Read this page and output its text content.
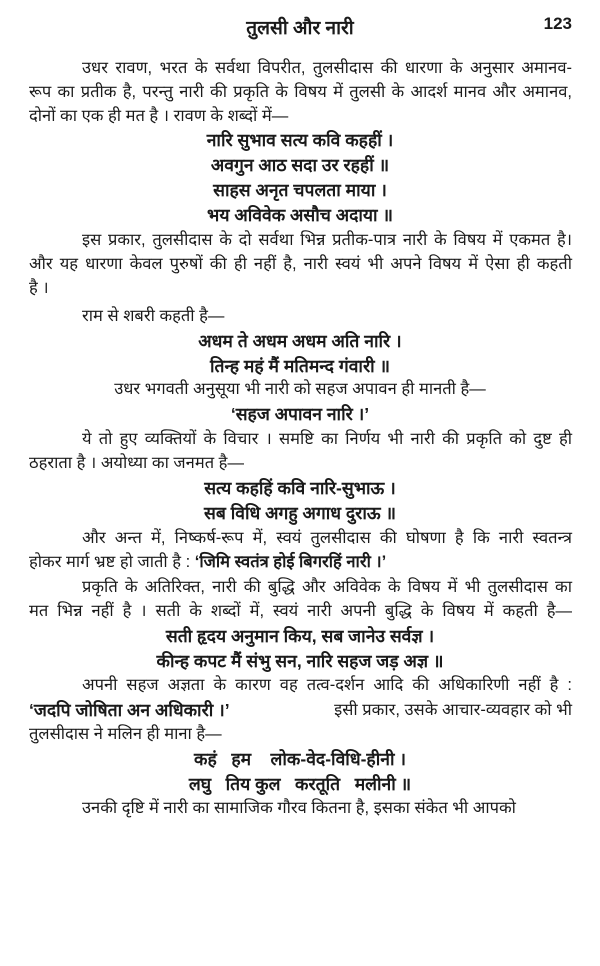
तुलसी और नारी	123
उधर रावण, भरत के सर्वथा विपरीत, तुलसीदास की धारणा के अनुसार अमानव-
रूप का प्रतीक है, परन्तु नारी की प्रकृति के विषय में तुलसी के आदर्श मानव और अमानव,
दोनों का एक ही मत है । रावण के शब्दों में—
नारि सुभाव सत्य कवि कहहीं ।
अवगुन आठ सदा उर रहहीं ॥
साहस अनृत चपलता माया ।
भय अविवेक असौच अदाया ॥
इस प्रकार, तुलसीदास के दो सर्वथा भिन्न प्रतीक-पात्र नारी के विषय में एकमत है।
और यह धारणा केवल पुरुषों की ही नहीं है, नारी स्वयं भी अपने विषय में ऐसा ही कहती
है ।
राम से शबरी कहती है—
अधम ते अधम अधम अति नारि ।
तिन्ह महं मैं मतिमन्द गंवारी ॥
उधर भगवती अनुसूया भी नारी को सहज अपावन ही मानती है—
‘सहज अपावन नारि ।’
ये तो हुए व्यक्तियों के विचार । समष्टि का निर्णय भी नारी की प्रकृति को दुष्ट ही
ठहराता है । अयोध्या का जनमत है—
सत्य कहहिं कवि नारि-सुभाऊ ।
सब विधि अगहु अगाध दुराऊ ॥
और अन्त में, निष्कर्ष-रूप में, स्वयं तुलसीदास की घोषणा है कि नारी स्वतन्त्र
होकर मार्ग भ्रष्ट हो जाती है : ‘जिमि स्वतंत्र होई बिगरहिं नारी ।’
प्रकृति के अतिरिक्त, नारी की बुद्धि और अविवेक के विषय में भी तुलसीदास का
मत भिन्न नहीं है । सती के शब्दों में, स्वयं नारी अपनी बुद्धि के विषय में कहती है—
सती हृदय अनुमान किय, सब जानेउ सर्वज्ञ ।
कीन्ह कपट मैं संभु सन, नारि सहज जड़ अज्ञ ॥
अपनी सहज अज्ञता के कारण वह तत्व-दर्शन आदि की अधिकारिणी नहीं है :
‘जदपि जोषिता अन अधिकारी ।’	इसी प्रकार, उसके आचार-व्यवहार को भी
तुलसीदास ने मलिन ही माना है—
कहं   हम    लोक-वेद-विधि-हीनी ।
लघु   तिय कुल   करतूति   मलीनी ॥
उनकी दृष्टि में नारी का सामाजिक गौरव कितना है, इसका संकेत भी आपको
